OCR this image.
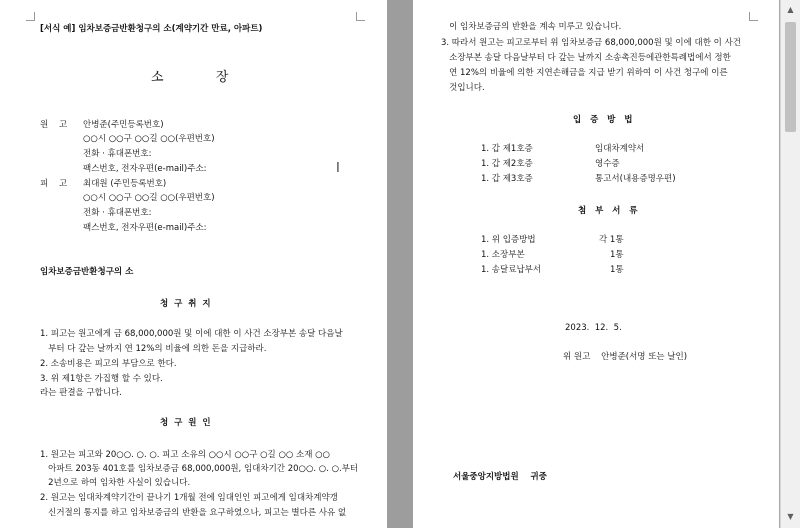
[서식 예] 임차보증금반환청구의 소(계약기간 만료, 아파트)
소          장
원    고 안병준(주민등록번호)
○○시 ○○구 ○○길 ○○(우편번호)
전화 · 휴대폰번호:
팩스번호, 전자우편(e-mail)주소:
피    고 최대원 (주민등록번호)
○○시 ○○구 ○○길 ○○(우편번호)
전화 · 휴대폰번호:
팩스번호, 전자우편(e-mail)주소:
임차보증금반환청구의 소
청  구  취  지
1. 피고는 원고에게 금 68,000,000원 및 이에 대한 이 사건 소장부본 송달 다음날
부터 다 갚는 날까지 연 12%의 비율에 의한 돈을 지급하라.
2. 소송비용은 피고의 부담으로 한다.
3. 위 제1항은 가집행 할 수 있다.
라는 판결을 구합니다.
청  구  원  인
1. 원고는 피고와 20○○. ○. ○. 피고 소유의 ○○시 ○○구 ○길 ○○ 소재 ○○
아파트 203동 401호를 임차보증금 68,000,000원, 임대차기간 20○○. ○. ○.부터
2년으로 하여 임차한 사실이 있습니다.
2. 원고는 임대차계약기간이 끝나기 1개월 전에 임대인인 피고에게 임대차계약갱
신거절의 통지를 하고 임차보증금의 반환을 요구하였으나, 피고는 별다른 사유 없
I
이 임차보증금의 반환을 계속 미루고 있습니다.
3. 따라서 원고는 피고로부터 위 임차보증금 68,000,000원 및 이에 대한 이 사건
소장부본 송달 다음날부터 다 갚는 날까지 소송촉진등에관한특례법에서 정한
연 12%의 비율에 의한 지연손해금을 지급 받기 위하여 이 사건 청구에 이른
것입니다.
입   증   방   법
1. 갑 제1호증	임대차계약서
1. 갑 제2호증	영수증
1. 갑 제3호증	통고서(내용증명우편)
첨   부   서   류
1. 위 입증방법	각 1통
1. 소장부본	1통
1. 송달료납부서	1통
2023.  12.  5.
위 원고    안병준(서명 또는 날인)
서울중앙지방법원    귀중
▲
▼
